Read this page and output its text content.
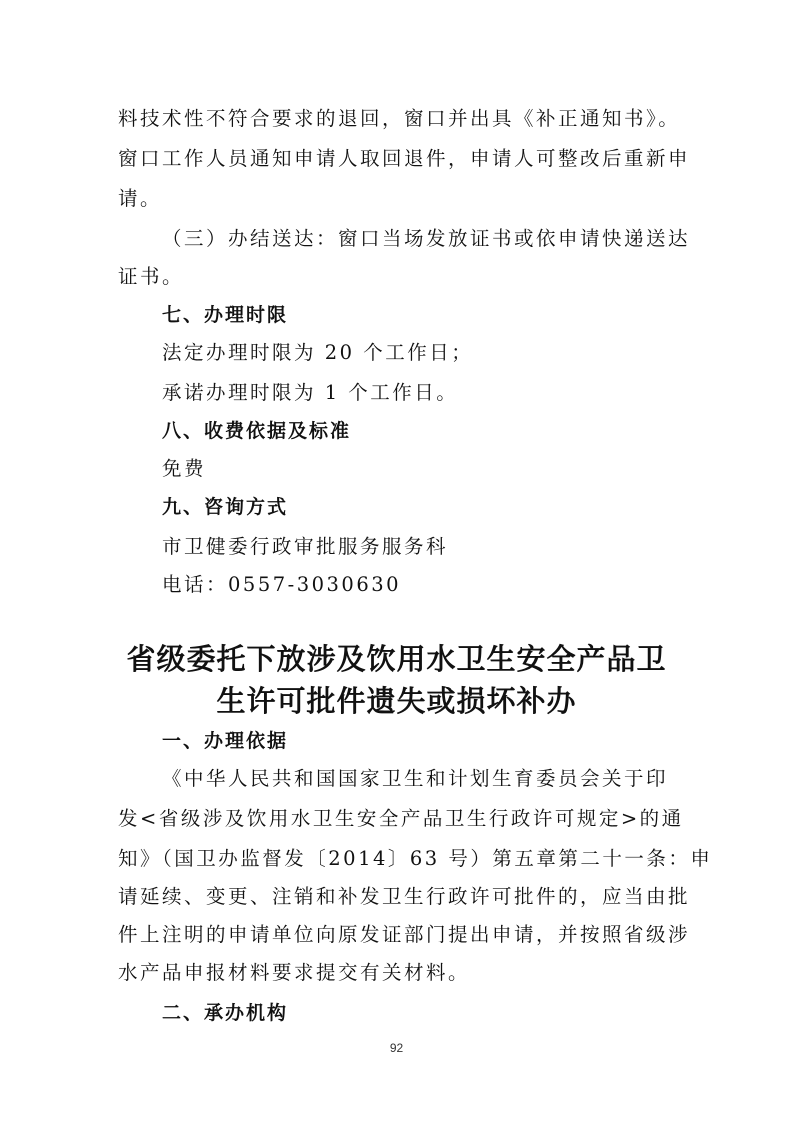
料技术性不符合要求的退回，窗口并出具《补正通知书》。
窗口工作人员通知申请人取回退件，申请人可整改后重新申
请。
（三）办结送达：窗口当场发放证书或依申请快递送达
证书。
七、办理时限
法定办理时限为 20 个工作日；
承诺办理时限为 1 个工作日。
八、收费依据及标准
免费
九、咨询方式
市卫健委行政审批服务服务科
电话：0557-3030630
省级委托下放涉及饮用水卫生安全产品卫
生许可批件遗失或损坏补办
一、办理依据
《中华人民共和国国家卫生和计划生育委员会关于印
发<省级涉及饮用水卫生安全产品卫生行政许可规定>的通
知》（国卫办监督发〔2014〕63 号）第五章第二十一条：申
请延续、变更、注销和补发卫生行政许可批件的，应当由批
件上注明的申请单位向原发证部门提出申请，并按照省级涉
水产品申报材料要求提交有关材料。
二、承办机构
92
